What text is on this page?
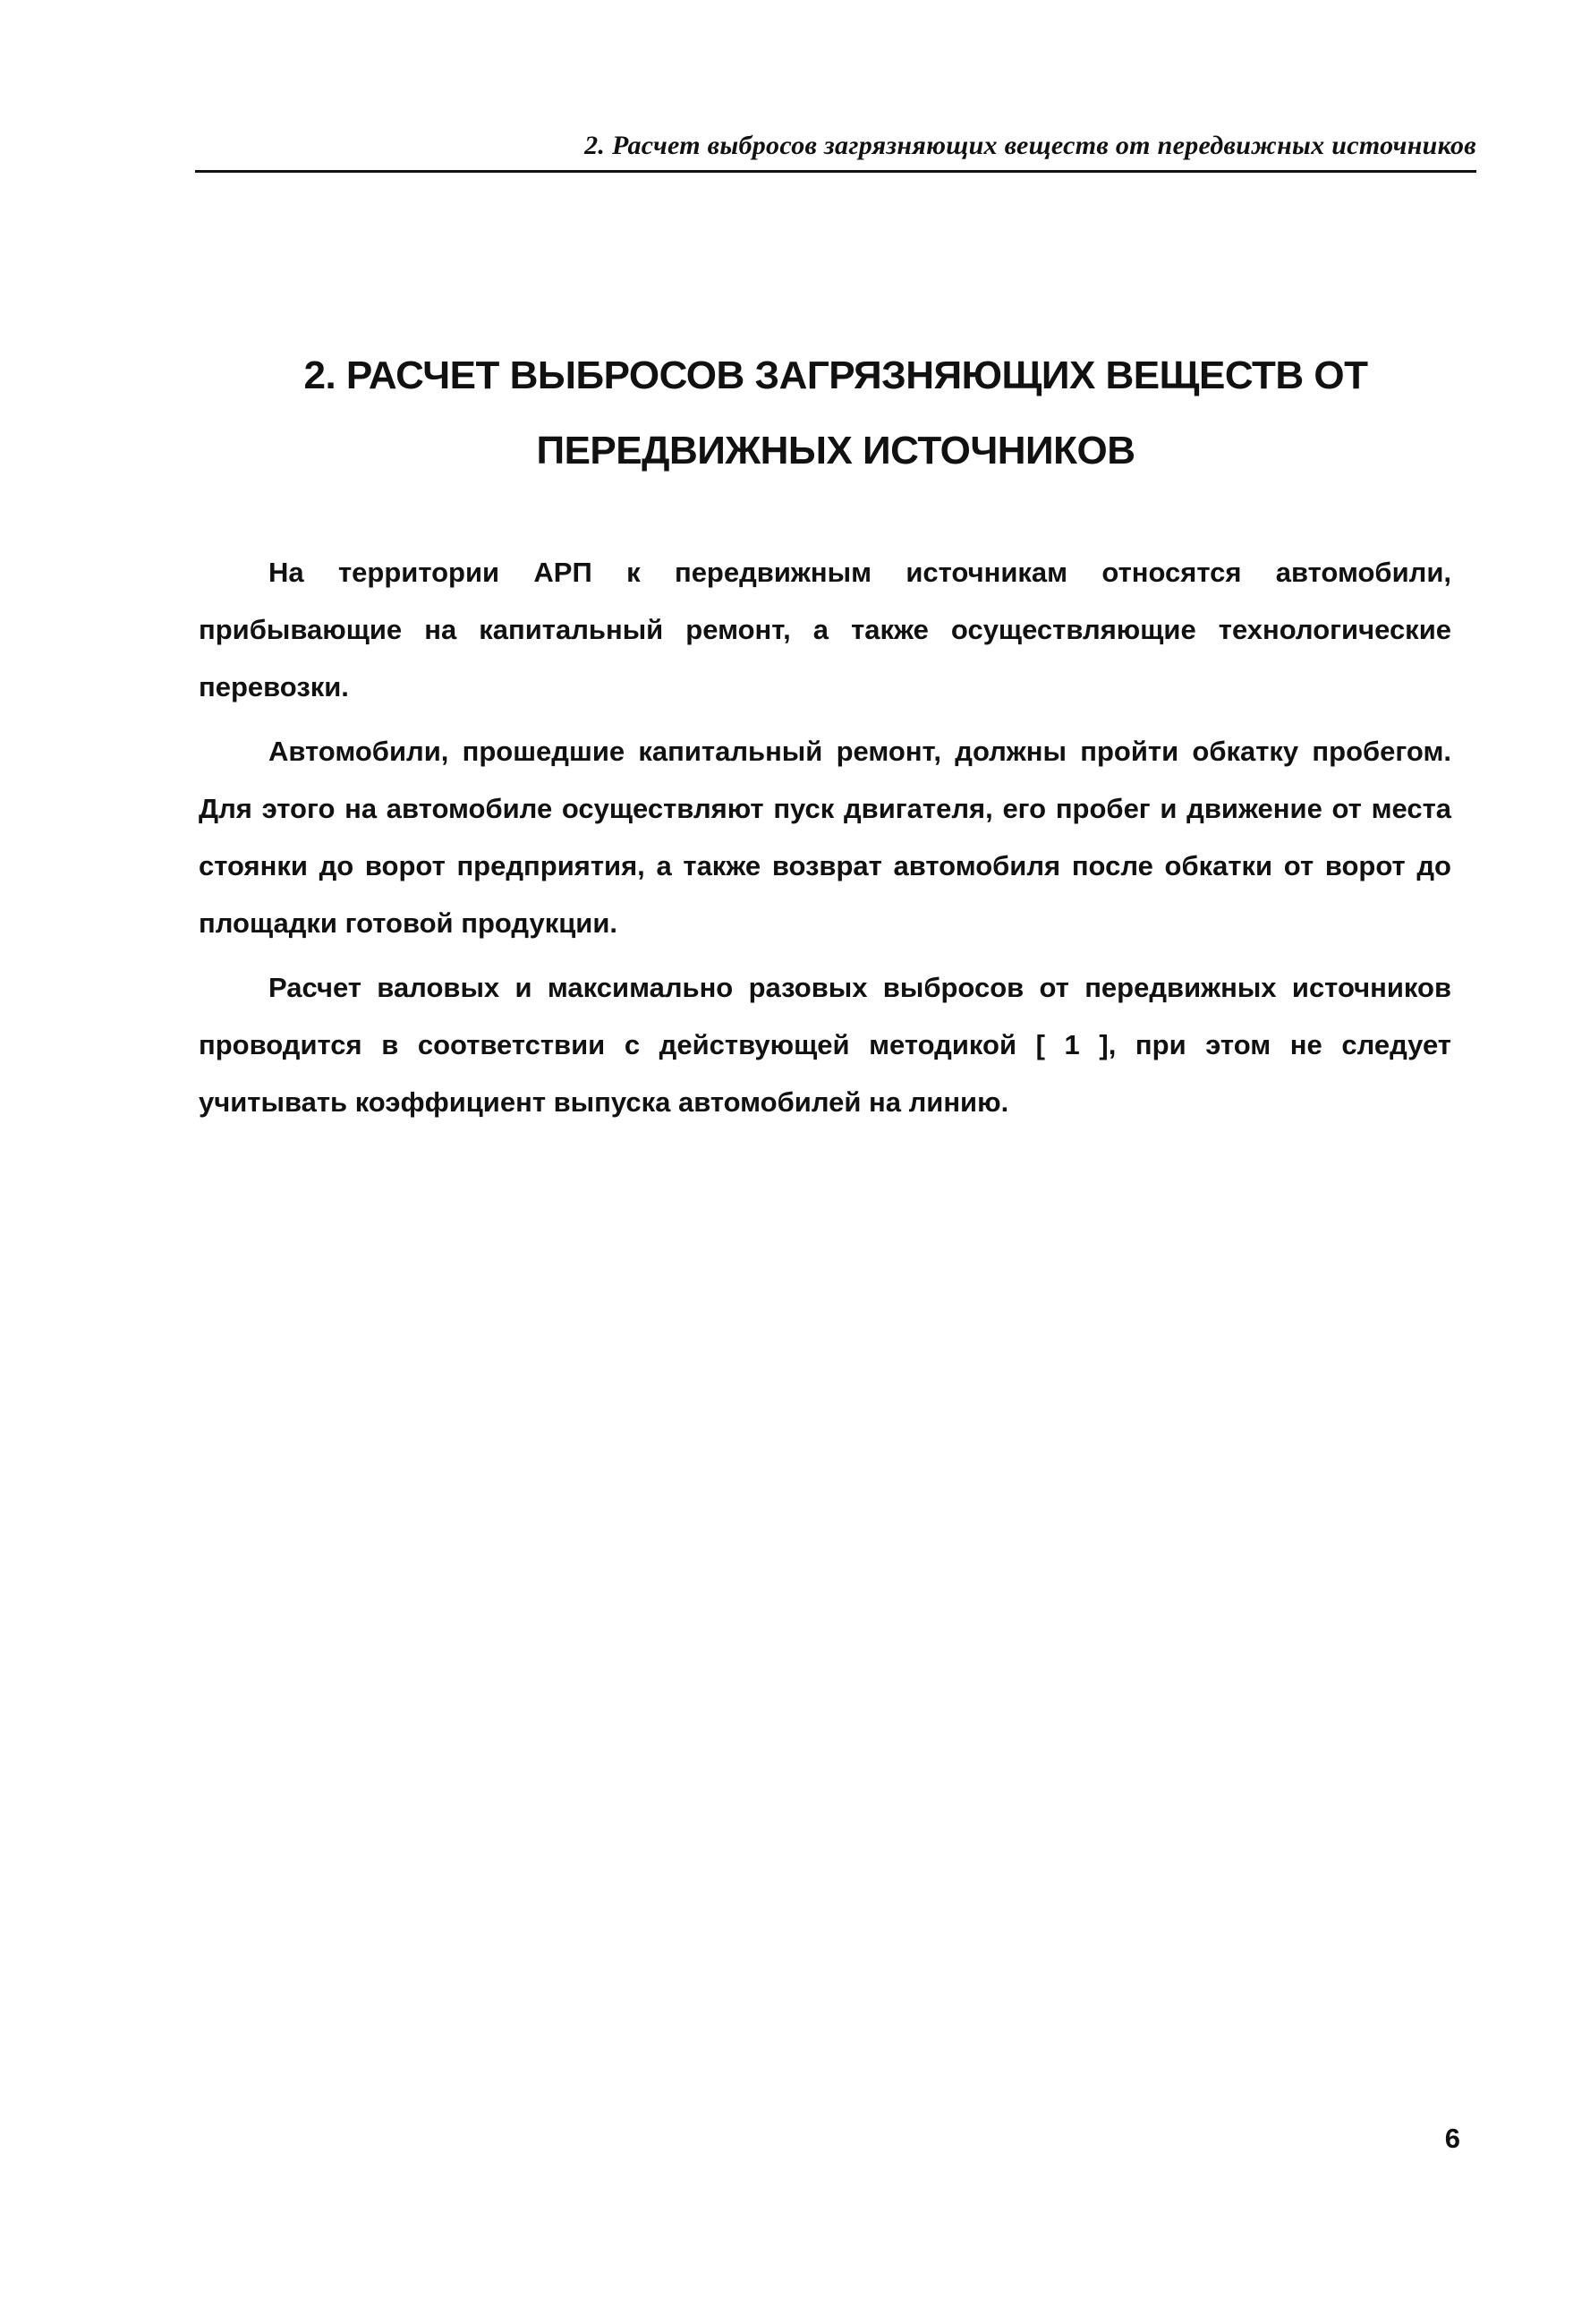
2. Расчет выбросов загрязняющих веществ от передвижных источников
2. РАСЧЕТ ВЫБРОСОВ ЗАГРЯЗНЯЮЩИХ ВЕЩЕСТВ ОТ
ПЕРЕДВИЖНЫХ ИСТОЧНИКОВ

На территории АРП к передвижным источникам относятся автомобили, прибывающие на капитальный ремонт, а также осуществляющие технологические перевозки.

Автомобили, прошедшие капитальный ремонт, должны пройти обкатку пробегом. Для этого на автомобиле осуществляют пуск двигателя, его пробег и движение от места стоянки до ворот предприятия, а также возврат автомобиля после обкатки от ворот до площадки готовой продукции.

Расчет валовых и максимально разовых выбросов от передвижных источников проводится в соответствии с действующей методикой [ 1 ], при этом не следует учитывать коэффициент выпуска автомобилей на линию.

6
